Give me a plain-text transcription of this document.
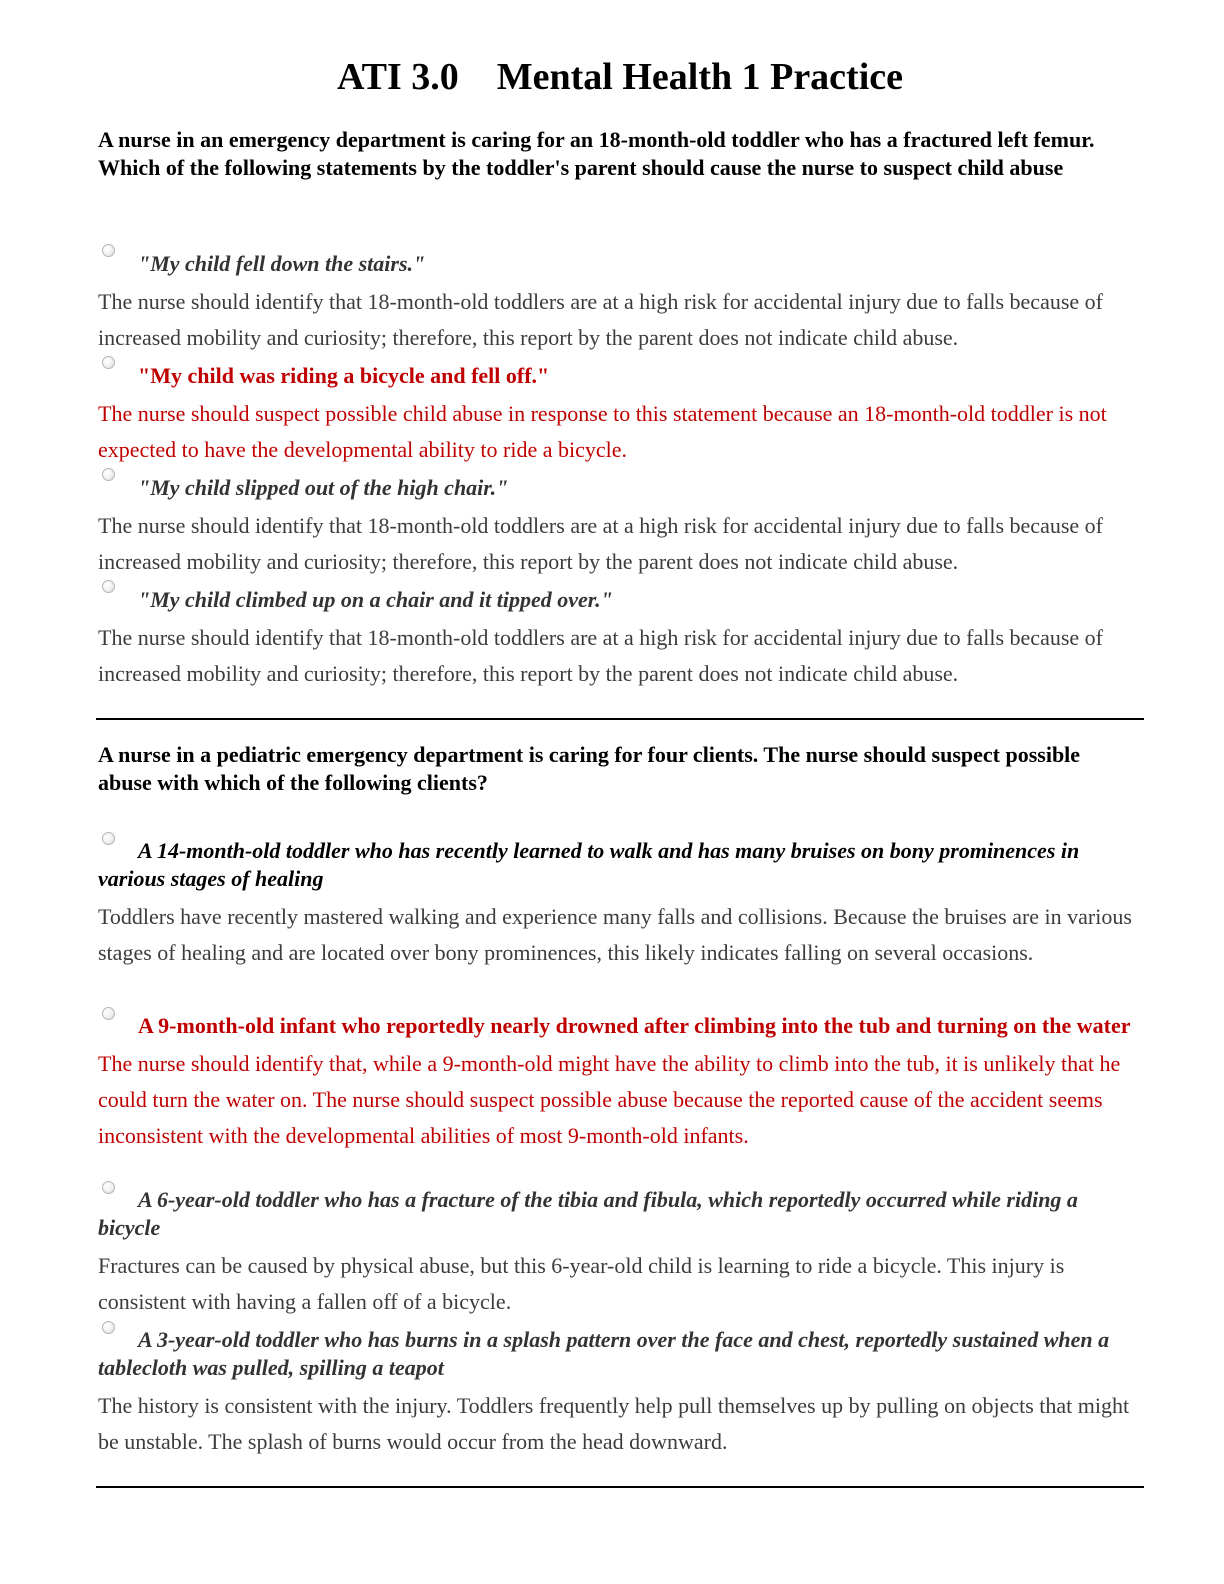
ATI 3.0    Mental Health 1 Practice

A nurse in an emergency department is caring for an 18-month-old toddler who has a fractured left femur. Which of the following statements by the toddler's parent should cause the nurse to suspect child abuse

"My child fell down the stairs."

The nurse should identify that 18-month-old toddlers are at a high risk for accidental injury due to falls because of increased mobility and curiosity; therefore, this report by the parent does not indicate child abuse.

"My child was riding a bicycle and fell off."

The nurse should suspect possible child abuse in response to this statement because an 18-month-old toddler is not expected to have the developmental ability to ride a bicycle.

"My child slipped out of the high chair."

The nurse should identify that 18-month-old toddlers are at a high risk for accidental injury due to falls because of increased mobility and curiosity; therefore, this report by the parent does not indicate child abuse.

"My child climbed up on a chair and it tipped over."

The nurse should identify that 18-month-old toddlers are at a high risk for accidental injury due to falls because of increased mobility and curiosity; therefore, this report by the parent does not indicate child abuse.

A nurse in a pediatric emergency department is caring for four clients. The nurse should suspect possible abuse with which of the following clients?

A 14-month-old toddler who has recently learned to walk and has many bruises on bony prominences in various stages of healing

Toddlers have recently mastered walking and experience many falls and collisions. Because the bruises are in various stages of healing and are located over bony prominences, this likely indicates falling on several occasions.

A 9-month-old infant who reportedly nearly drowned after climbing into the tub and turning on the water

The nurse should identify that, while a 9-month-old might have the ability to climb into the tub, it is unlikely that he could turn the water on. The nurse should suspect possible abuse because the reported cause of the accident seems inconsistent with the developmental abilities of most 9-month-old infants.

A 6-year-old toddler who has a fracture of the tibia and fibula, which reportedly occurred while riding a bicycle

Fractures can be caused by physical abuse, but this 6-year-old child is learning to ride a bicycle. This injury is consistent with having a fallen off of a bicycle.

A 3-year-old toddler who has burns in a splash pattern over the face and chest, reportedly sustained when a tablecloth was pulled, spilling a teapot

The history is consistent with the injury. Toddlers frequently help pull themselves up by pulling on objects that might be unstable. The splash of burns would occur from the head downward.
